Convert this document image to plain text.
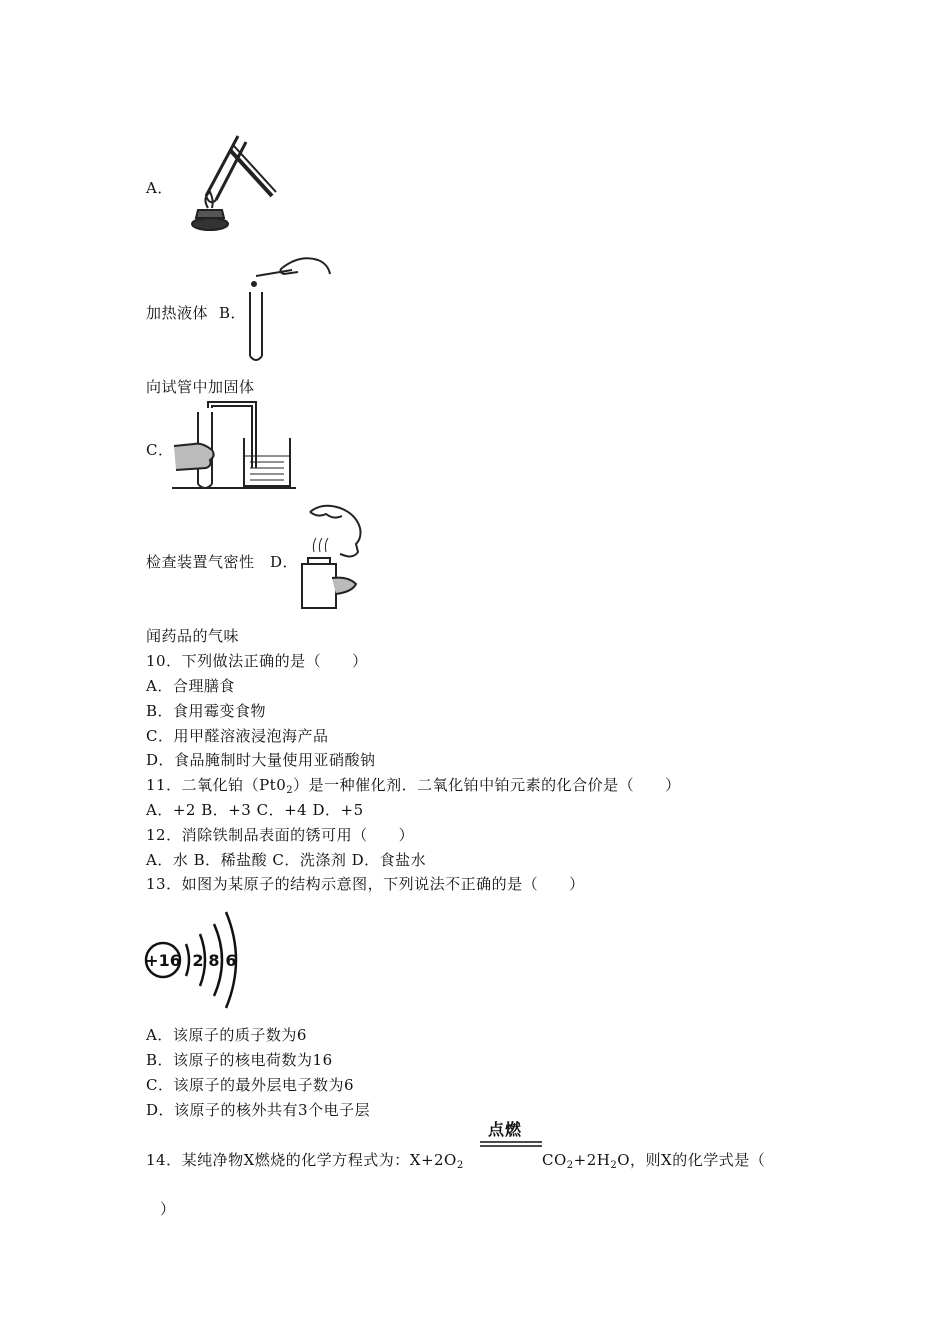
A．
加热液体 B．
向试管中加固体
C．
检查装置气密性 D．
闻药品的气味
10．下列做法正确的是（　　）
A．合理膳食
B．食用霉变食物
C．用甲醛溶液浸泡海产品
D．食品腌制时大量使用亚硝酸钠
11．二氧化铂$(Pt0_2)$是一种催化剂．二氧化铂中铂元素的化合价是（　　）
A．+2 B．+3 C．+4 D．+5
12．消除铁制品表面的锈可用（　　）
A．水 B．稀盐酸 C．洗涤剂 D．食盐水
13．如图为某原子的结构示意图，下列说法不正确的是（　　）
+16 2 8 6
A．该原子的质子数为6
B．该原子的核电荷数为16
C．该原子的最外层电子数为6
D．该原子的核外共有3个电子层
点燃
14．某纯净物X燃烧的化学方程式为：$X+2O_2$	$CO_2+2H_2O$，则X的化学式是（
）
